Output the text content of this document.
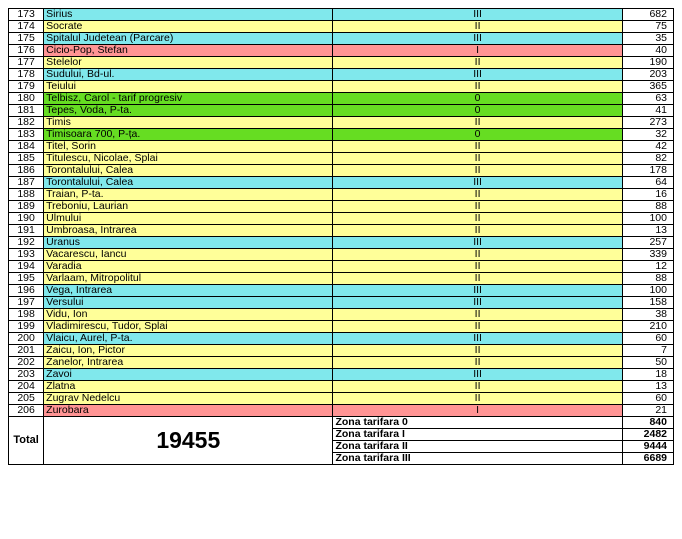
173	Sirius	III	682
174	Socrate	II	75
175	Spitalul Judetean (Parcare)	III	35
176	Cicio-Pop, Stefan	I	40
177	Stelelor	II	190
178	Sudului, Bd-ul.	III	203
179	Teiului	II	365
180	Telbisz, Carol - tarif progresiv	0	63
181	Tepes, Voda, P-ta.	0	41
182	Timis	II	273
183	Timisoara 700, P-ța.	0	32
184	Titel, Sorin	II	42
185	Titulescu, Nicolae, Splai	II	82
186	Torontalului, Calea	II	178
187	Torontalului, Calea	III	64
188	Traian, P-ta.	II	16
189	Treboniu, Laurian	II	88
190	Ulmului	II	100
191	Umbroasa, Intrarea	II	13
192	Uranus	III	257
193	Vacarescu, Iancu	II	339
194	Varadia	II	12
195	Varlaam, Mitropolitul	II	88
196	Vega, Intrarea	III	100
197	Versului	III	158
198	Vidu, Ion	II	38
199	Vladimirescu, Tudor, Splai	II	210
200	Vlaicu, Aurel, P-ta.	III	60
201	Zaicu, Ion, Pictor	II	7
202	Zanelor, Intrarea	II	50
203	Zavoi	III	18
204	Zlatna	II	13
205	Zugrav Nedelcu	II	60
206	Zurobara	I	21
Total	19455	Zona tarifara 0	840
		Zona tarifara I	2482
		Zona tarifara II	9444
		Zona tarifara III	6689
